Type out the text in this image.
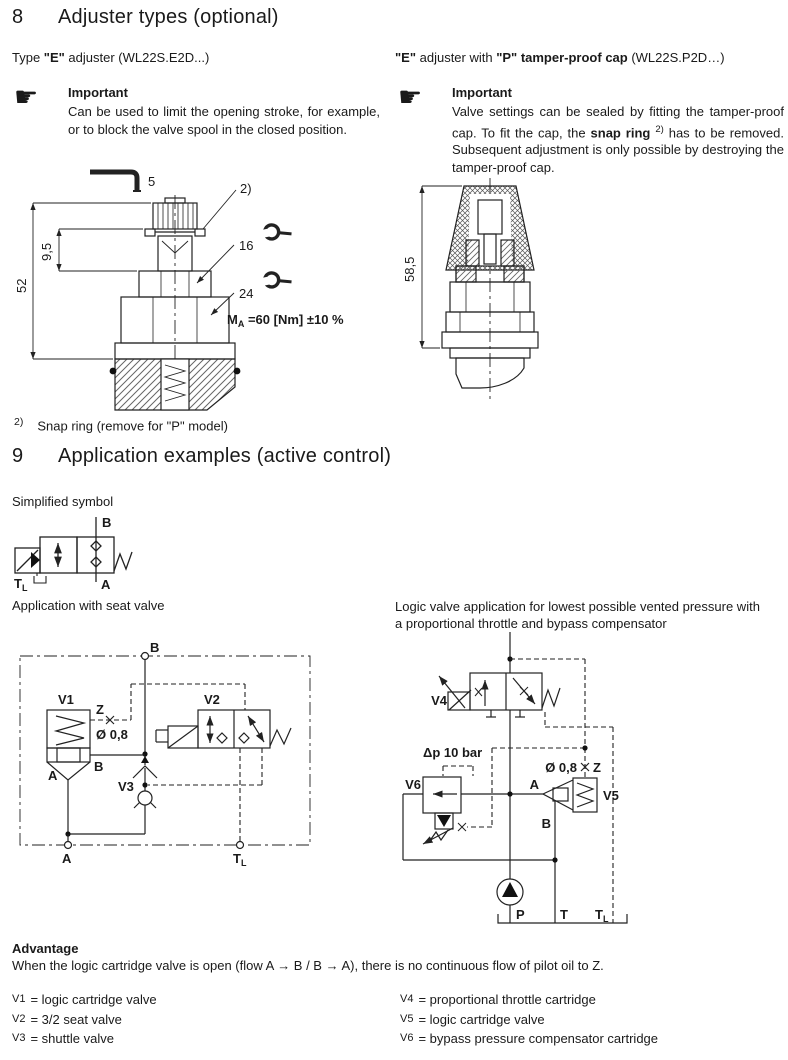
8 Adjuster types (optional)
Type "E" adjuster (WL22S.E2D...)	"E" adjuster with "P" tamper-proof cap (WL22S.P2D…)
☛ Important
Can be used to limit the opening stroke, for example, or to block the valve spool in the closed position.
☛ Important
Valve settings can be sealed by fitting the tamper-proof cap. To fit the cap, the snap ring $^{2)}$ has to be removed. Subsequent adjustment is only possible by destroying the tamper-proof cap.
5	2)
16
24
9,5
52
$M_A =60$ [Nm] ±10 %
58,5
$^{2)}$ Snap ring (remove for "P" model)
9 Application examples (active control)
Simplified symbol
B
A
$T_L$
Application with seat valve	Logic valve application for lowest possible vented pressure with a proportional throttle and bypass compensator
B
V1
Z
Ø 0,8
B
A
V2
V3
A	$T_L$
V4
Δp 10 bar
V6
Ø 0,8 Z
A
V5
B
P	T $T_L$
Advantage
When the logic cartridge valve is open (flow A → B / B → A), there is no continuous flow of pilot oil to Z.
V1 = logic cartridge valve
V2 = 3/2 seat valve
V3 = shuttle valve
V4 = proportional throttle cartridge
V5 = logic cartridge valve
V6 = bypass pressure compensator cartridge
